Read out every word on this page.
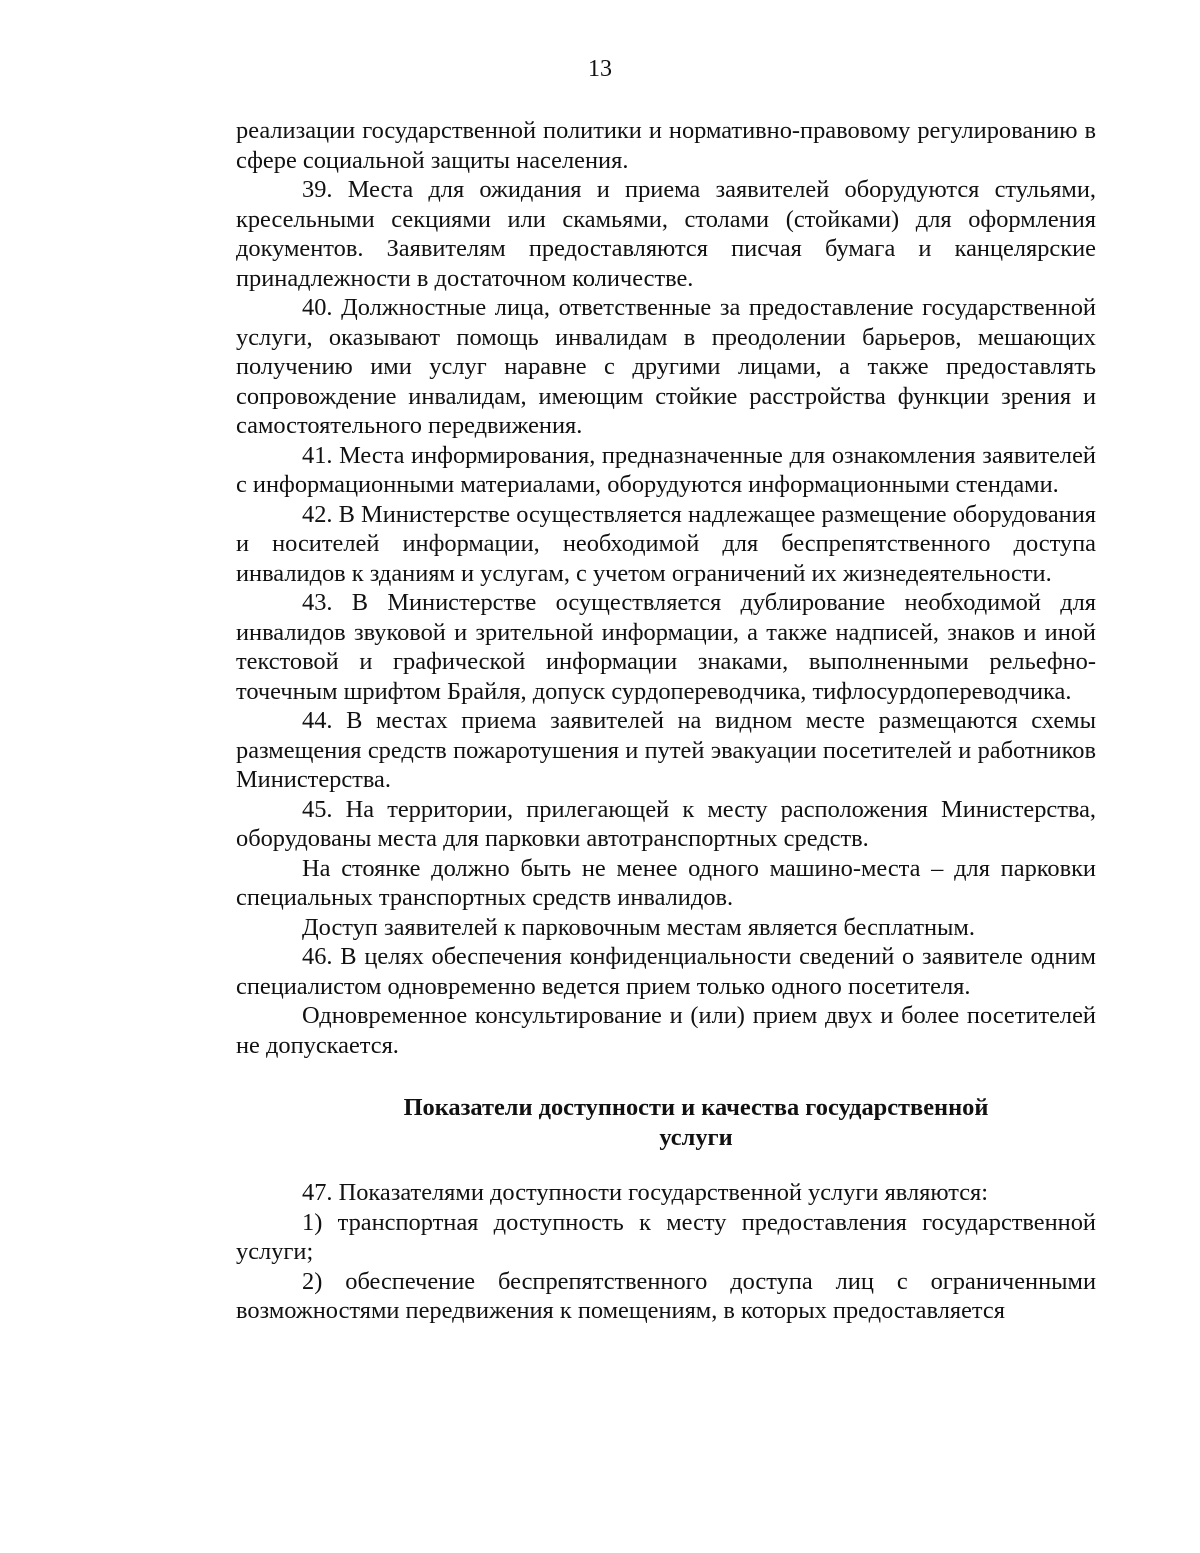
13

реализации государственной политики и нормативно-правовому регулированию в сфере социальной защиты населения.

39. Места для ожидания и приема заявителей оборудуются стульями, кресельными секциями или скамьями, столами (стойками) для оформления документов. Заявителям предоставляются писчая бумага и канцелярские принадлежности в достаточном количестве.

40. Должностные лица, ответственные за предоставление государственной услуги, оказывают помощь инвалидам в преодолении барьеров, мешающих получению ими услуг наравне с другими лицами, а также предоставлять сопровождение инвалидам, имеющим стойкие расстройства функции зрения и самостоятельного передвижения.

41. Места информирования, предназначенные для ознакомления заявителей с информационными материалами, оборудуются информационными стендами.

42. В Министерстве осуществляется надлежащее размещение оборудования и носителей информации, необходимой для беспрепятственного доступа инвалидов к зданиям и услугам, с учетом ограничений их жизнедеятельности.

43. В Министерстве осуществляется дублирование необходимой для инвалидов звуковой и зрительной информации, а также надписей, знаков и иной текстовой и графической информации знаками, выполненными рельефно-точечным шрифтом Брайля, допуск сурдопереводчика, тифлосурдопереводчика.

44. В местах приема заявителей на видном месте размещаются схемы размещения средств пожаротушения и путей эвакуации посетителей и работников Министерства.

45. На территории, прилегающей к месту расположения Министерства, оборудованы места для парковки автотранспортных средств.

На стоянке должно быть не менее одного машино-места – для парковки специальных транспортных средств инвалидов.

Доступ заявителей к парковочным местам является бесплатным.

46. В целях обеспечения конфиденциальности сведений о заявителе одним специалистом одновременно ведется прием только одного посетителя.

Одновременное консультирование и (или) прием двух и более посетителей не допускается.

Показатели доступности и качества государственной
услуги

47. Показателями доступности государственной услуги являются:

1) транспортная доступность к месту предоставления государственной услуги;

2) обеспечение беспрепятственного доступа лиц с ограниченными возможностями передвижения к помещениям, в которых предоставляется
